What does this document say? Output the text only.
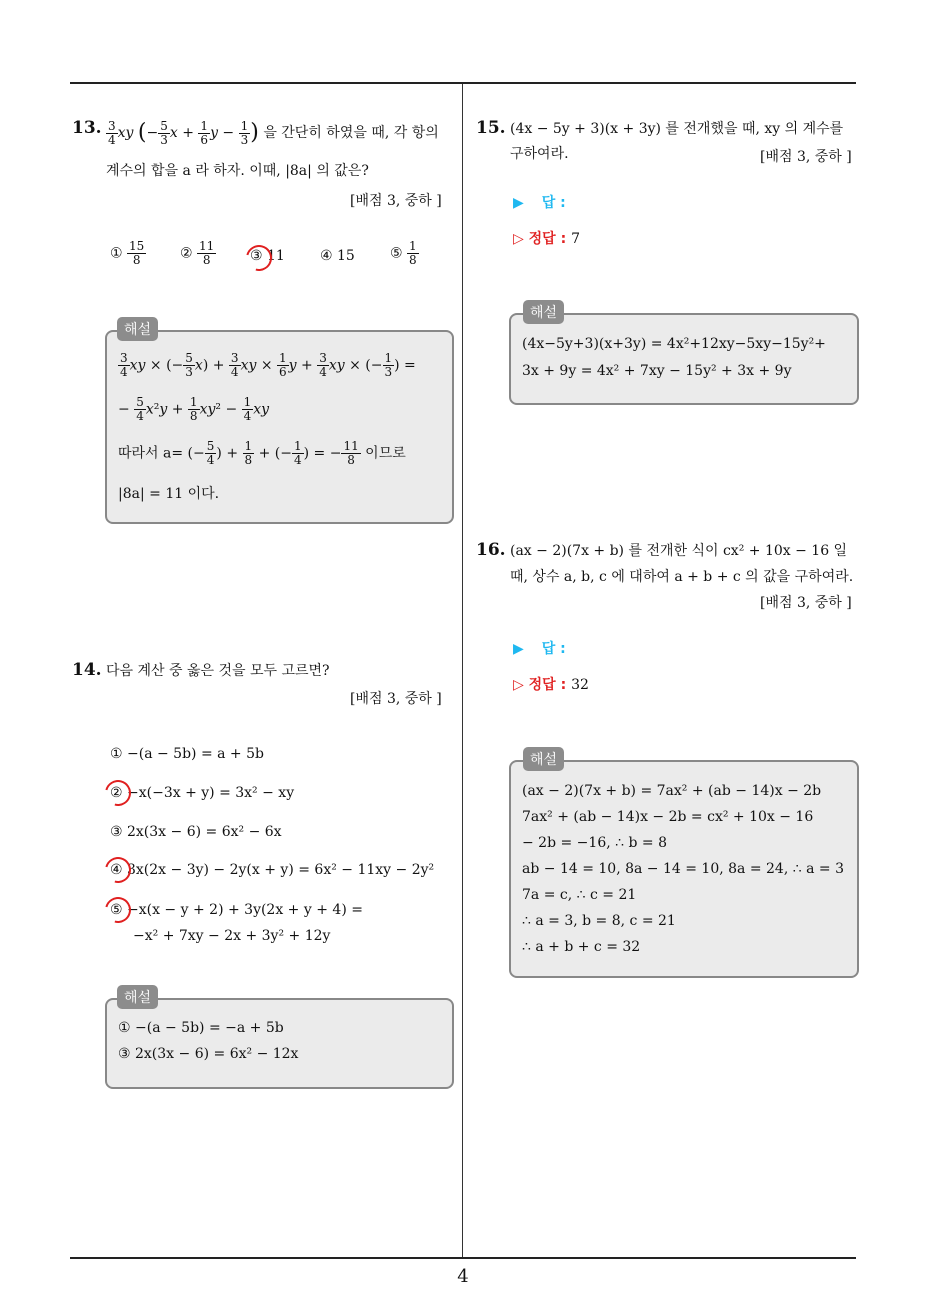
13. $\frac{3}{4}$ xy (− $\frac{5}{3}$ $x + \frac{1}{6}$ $y - \frac{1}{3}$ ) 을 간단히 하였을 때, 각 항의
계수의 합을 a 라 하자. 이때, |8a| 의 값은?
[배점 3, 중하 ]
① $\frac{15}{8}$ ② $\frac{11}{8}$ ③ 11	④ 15	⑤ $\frac{1}{8}$
해설
$\frac{3}{4}$ xy × (− $\frac{5}{3} x) + \frac{3}{4}$ xy × $\frac{1}{6}$ $y + \frac{3}{4}$ xy × (− $\frac{1}{3}$ ) =
− $\frac{5}{4} x^2y + \frac{1}{8} xy^2 - \frac{1}{4}$ xy
따라서 a= (− $\frac{5}{4}$ ) + $\frac{1}{8}$ + (− $\frac{1}{4}$ ) = − $\frac{11}{8}$ 이므로
|8a| = 11 이다.
14. 다음 계산 중 옳은 것을 모두 고르면?
[배점 3, 중하 ]
① −(a − 5b) = a + 5b
② −x(−3x + y) = 3x² − xy
③ 2x(3x − 6) = 6x² − 6x
④ 3x(2x − 3y) − 2y(x + y) = 6x² − 11xy − 2y²
⑤ −x(x − y + 2) + 3y(2x + y + 4) =
−x² + 7xy − 2x + 3y² + 12y
해설
① −(a − 5b) = −a + 5b
③ 2x(3x − 6) = 6x² − 12x
15. (4x − 5y + 3)(x + 3y) 를 전개했을 때, xy 의 계수를
구하여라.	[배점 3, 중하 ]
▶ 답 :
▷ 정답 : 7
해설
(4x−5y+3)(x+3y) = 4x²+12xy−5xy−15y²+
3x + 9y = 4x² + 7xy − 15y² + 3x + 9y
16. (ax − 2)(7x + b) 를 전개한 식이 cx² + 10x − 16 일
때, 상수 a, b, c 에 대하여 a + b + c 의 값을 구하여라.
[배점 3, 중하 ]
▶ 답 :
▷ 정답 : 32
해설
(ax − 2)(7x + b) = 7ax² + (ab − 14)x − 2b
7ax² + (ab − 14)x − 2b = cx² + 10x − 16
− 2b = −16, ∴ b = 8
ab − 14 = 10, 8a − 14 = 10, 8a = 24, ∴ a = 3
7a = c, ∴ c = 21
∴ a = 3, b = 8, c = 21
∴ a + b + c = 32
4
